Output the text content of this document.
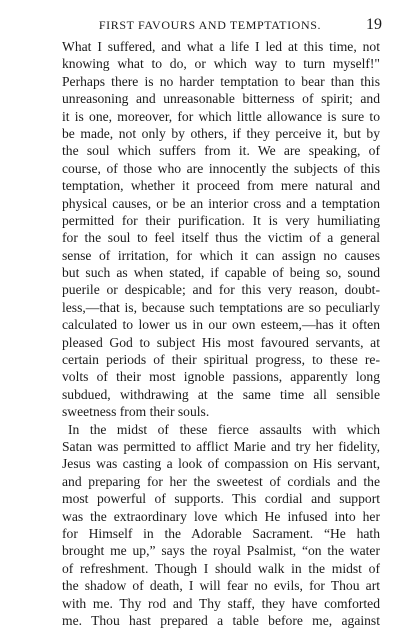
FIRST FAVOURS AND TEMPTATIONS.	19
What I suffered, and what a life I led at this time, not
knowing what to do, or which way to turn myself!"
Perhaps there is no harder temptation to bear than this
unreasoning and unreasonable bitterness of spirit; and
it is one, moreover, for which little allowance is sure to
be made, not only by others, if they perceive it, but by
the soul which suffers from it. We are speaking, of
course, of those who are innocently the subjects of this
temptation, whether it proceed from mere natural and
physical causes, or be an interior cross and a temptation
permitted for their purification. It is very humiliating
for the soul to feel itself thus the victim of a general
sense of irritation, for which it can assign no causes
but such as when stated, if capable of being so, sound
puerile or despicable; and for this very reason, doubt-
less,—that is, because such temptations are so peculiarly
calculated to lower us in our own esteem,—has it often
pleased God to subject His most favoured servants, at
certain periods of their spiritual progress, to these re-
volts of their most ignoble passions, apparently long
subdued, withdrawing at the same time all sensible
sweetness from their souls.
In the midst of these fierce assaults with which
Satan was permitted to afflict Marie and try her fidelity,
Jesus was casting a look of compassion on His servant,
and preparing for her the sweetest of cordials and the
most powerful of supports. This cordial and support
was the extraordinary love which He infused into her
for Himself in the Adorable Sacrament. “He hath
brought me up,” says the royal Psalmist, “on the water
of refreshment. Though I should walk in the midst of
the shadow of death, I will fear no evils, for Thou art
with me. Thy rod and Thy staff, they have comforted
me. Thou hast prepared a table before me, against
